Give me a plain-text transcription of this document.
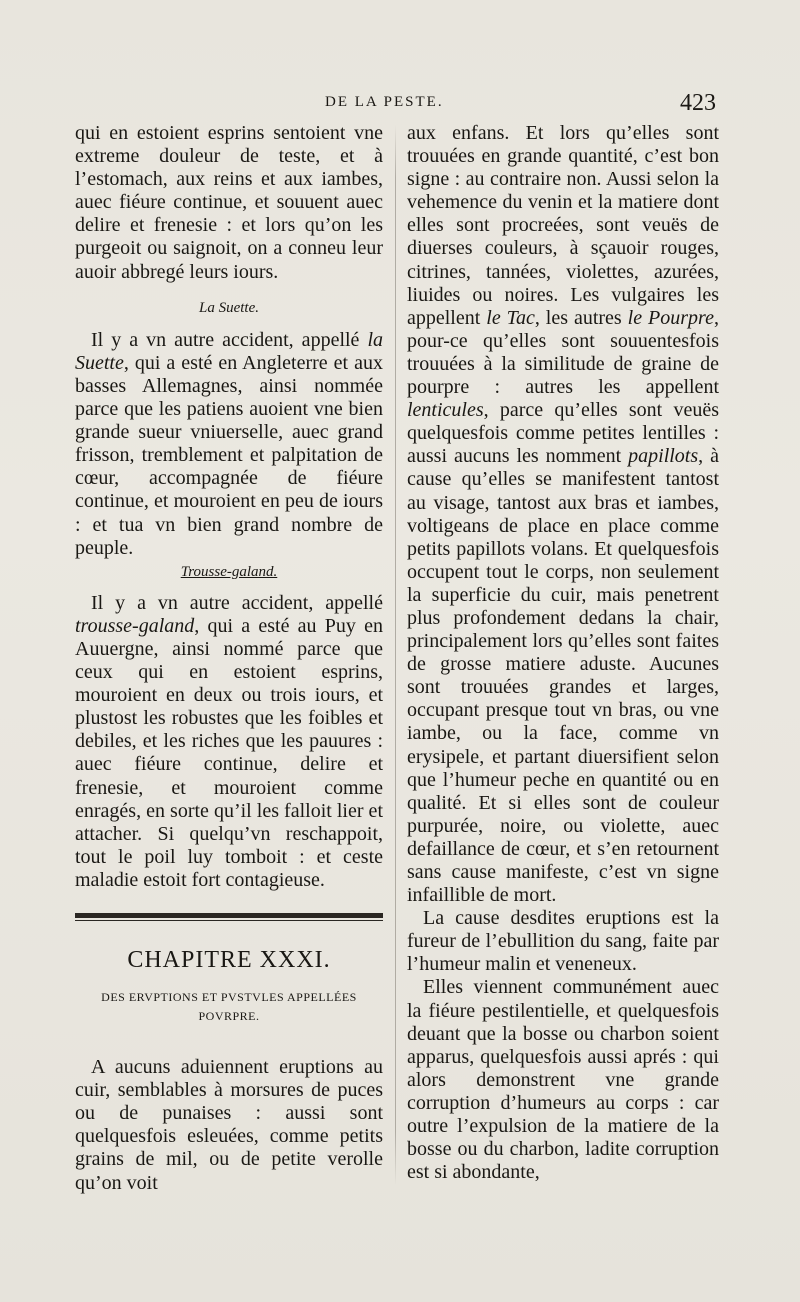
DE LA PESTE.	423

qui en estoient esprins sentoient vne extreme douleur de teste, et à l’estomach, aux reins et aux iambes, auec fiéure continue, et souuent auec delire et frenesie : et lors qu’on les purgeoit ou saignoit, on a conneu leur auoir abbregé leurs iours.

La Suette.

Il y a vn autre accident, appellé la Suette, qui a esté en Angleterre et aux basses Allemagnes, ainsi nommée parce que les patiens auoient vne bien grande sueur vniuerselle, auec grand frisson, tremblement et palpitation de cœur, accompagnée de fiéure continue, et mouroient en peu de iours : et tua vn bien grand nombre de peuple.

Trousse-galand.

Il y a vn autre accident, appellé trousse-galand, qui a esté au Puy en Auuergne, ainsi nommé parce que ceux qui en estoient esprins, mouroient en deux ou trois iours, et plustost les robustes que les foibles et debiles, et les riches que les pauures : auec fiéure continue, delire et frenesie, et mouroient comme enragés, en sorte qu’il les falloit lier et attacher. Si quelqu’vn reschappoit, tout le poil luy tomboit : et ceste maladie estoit fort contagieuse.

CHAPITRE XXXI.
DES ERVPTIONS ET PVSTVLES APPELLÉES
POVRPRE.

A aucuns aduiennent eruptions au cuir, semblables à morsures de puces ou de punaises : aussi sont quelquesfois esleuées, comme petits grains de mil, ou de petite verolle qu’on voit

aux enfans. Et lors qu’elles sont trouuées en grande quantité, c’est bon signe : au contraire non. Aussi selon la vehemence du venin et la matiere dont elles sont procreées, sont veuës de diuerses couleurs, à sçauoir rouges, citrines, tannées, violettes, azurées, liuides ou noires. Les vulgaires les appellent le Tac, les autres le Pourpre, pour-ce qu’elles sont souuentesfois trouuées à la similitude de graine de pourpre : autres les appellent lenticules, parce qu’elles sont veuës quelquesfois comme petites lentilles : aussi aucuns les nomment papillots, à cause qu’elles se manifestent tantost au visage, tantost aux bras et iambes, voltigeans de place en place comme petits papillots volans. Et quelquesfois occupent tout le corps, non seulement la superficie du cuir, mais penetrent plus profondement dedans la chair, principalement lors qu’elles sont faites de grosse matiere aduste. Aucunes sont trouuées grandes et larges, occupant presque tout vn bras, ou vne iambe, ou la face, comme vn erysipele, et partant diuersifient selon que l’humeur peche en quantité ou en qualité. Et si elles sont de couleur purpurée, noire, ou violette, auec defaillance de cœur, et s’en retournent sans cause manifeste, c’est vn signe infaillible de mort.

La cause desdites eruptions est la fureur de l’ebullition du sang, faite par l’humeur malin et veneneux.

Elles viennent communément auec la fiéure pestilentielle, et quelquesfois deuant que la bosse ou charbon soient apparus, quelquesfois aussi aprés : qui alors demonstrent vne grande corruption d’humeurs au corps : car outre l’expulsion de la matiere de la bosse ou du charbon, ladite corruption est si abondante,
